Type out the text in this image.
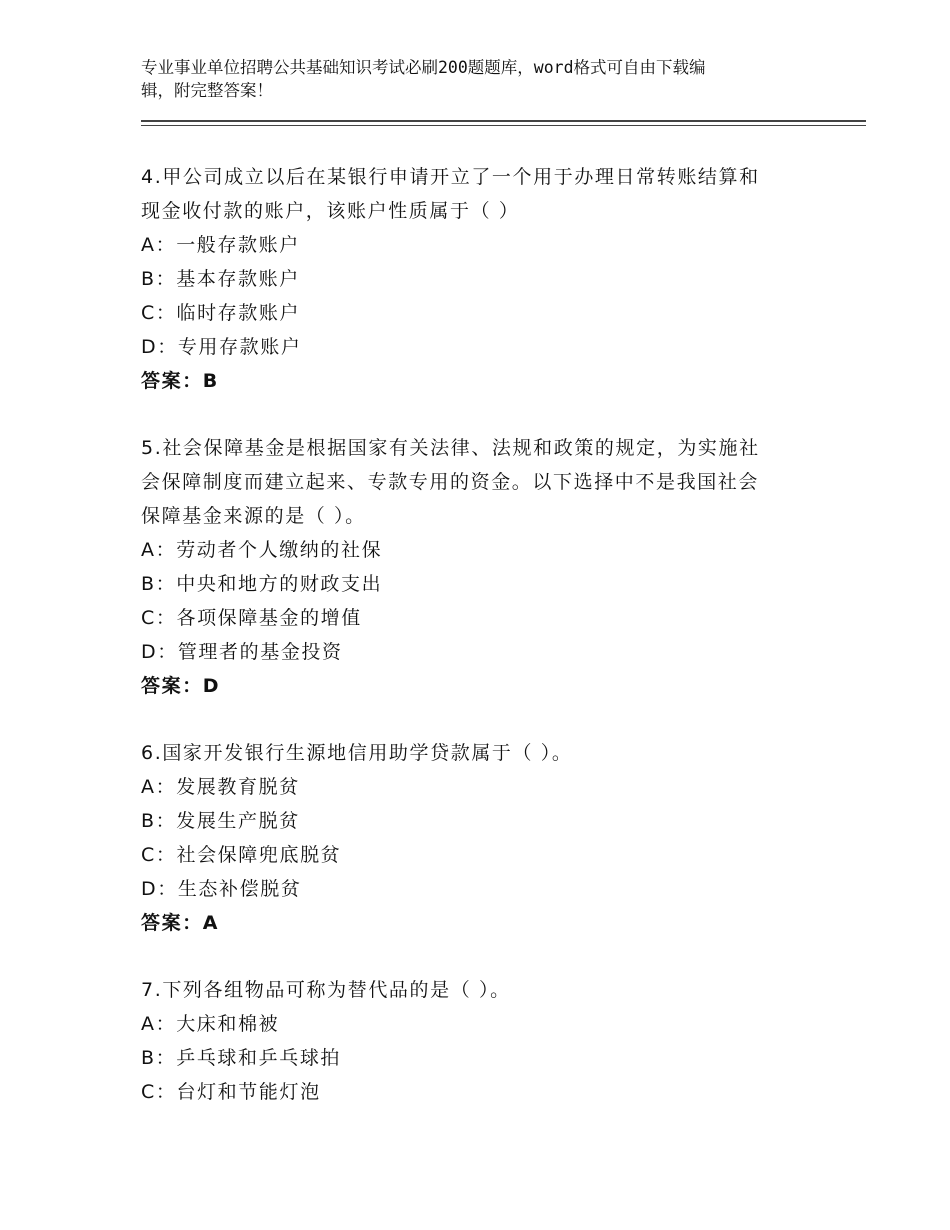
专业事业单位招聘公共基础知识考试必刷200题题库，word格式可自由下载编
辑，附完整答案！

4.甲公司成立以后在某银行申请开立了一个用于办理日常转账结算和

现金收付款的账户，该账户性质属于（ ）

A：一般存款账户

B：基本存款账户

C：临时存款账户

D：专用存款账户

答案：B

5.社会保障基金是根据国家有关法律、法规和政策的规定，为实施社

会保障制度而建立起来、专款专用的资金。以下选择中不是我国社会

保障基金来源的是（ ）。

A：劳动者个人缴纳的社保

B：中央和地方的财政支出

C：各项保障基金的增值

D：管理者的基金投资

答案：D

6.国家开发银行生源地信用助学贷款属于（ ）。

A：发展教育脱贫

B：发展生产脱贫

C：社会保障兜底脱贫

D：生态补偿脱贫

答案：A

7.下列各组物品可称为替代品的是（ ）。

A：大床和棉被

B：乒乓球和乒乓球拍

C：台灯和节能灯泡
